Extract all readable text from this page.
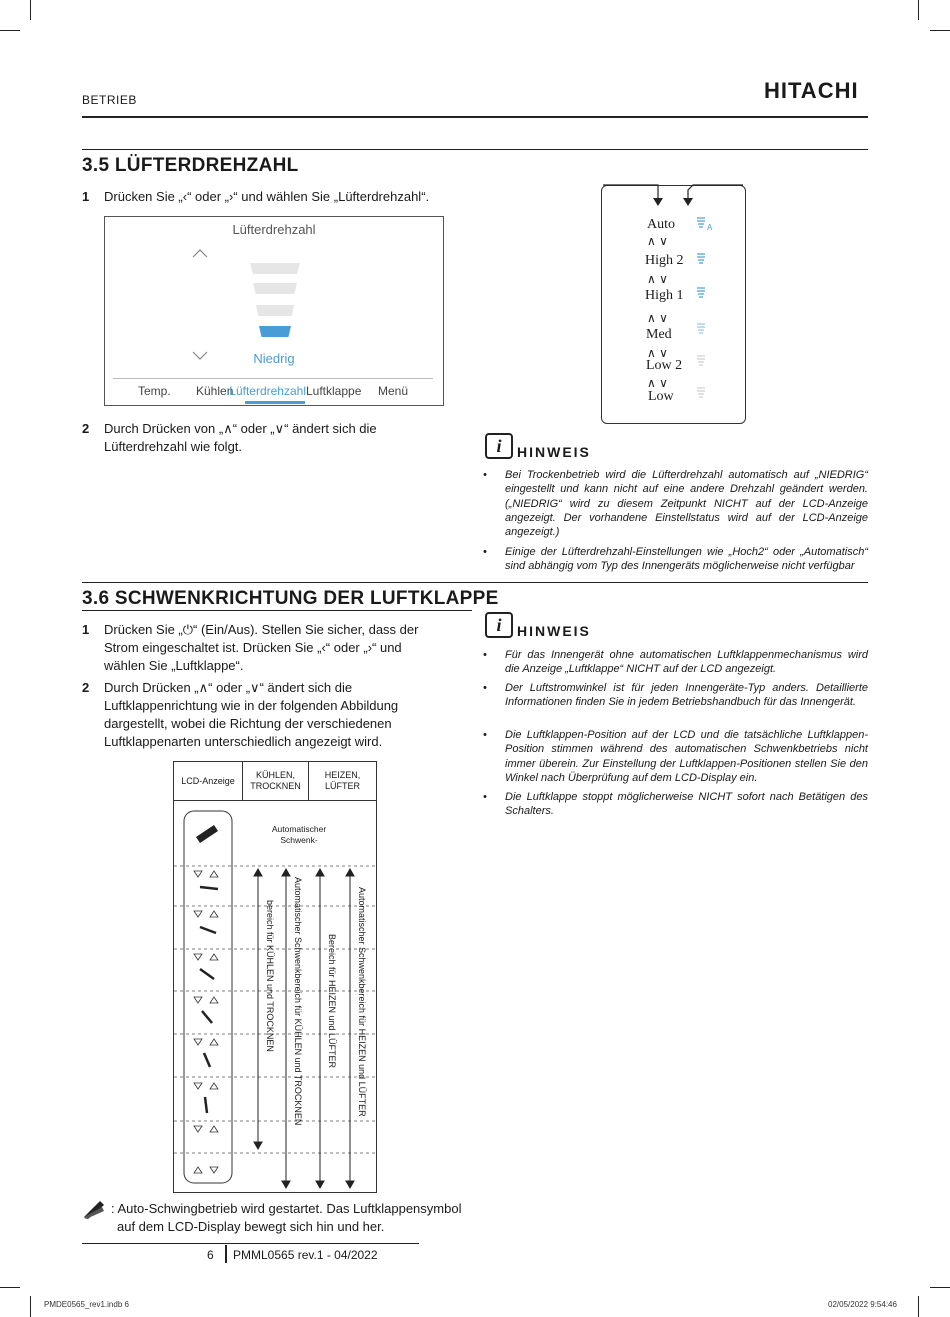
BETRIEB	HITACHI
3.5 LÜFTERDREHZAHL
1 Drücken Sie „‹“ oder „›“ und wählen Sie „Lüfterdrehzahl“.
Lüfterdrehzahl
Niedrig
Temp. Kühlen
Lüfterdrehzahl Luftklappe Menü
2 Durch Drücken von „∧“ oder „∨“ ändert sich die
Lüfterdrehzahl wie folgt.
Auto
High 2
High 1
Med
Low 2
Low
∧ ∨
∧ ∨
∧ ∨
∧ ∨
∧ ∨
A
i	HINWEIS
• Bei Trockenbetrieb wird die Lüfterdrehzahl automatisch auf „NIEDRIG“ eingestellt und kann nicht auf eine andere Drehzahl geändert werden. („NIEDRIG“ wird zu diesem Zeitpunkt NICHT auf der LCD-Anzeige angezeigt. Der vorhandene Einstellstatus wird auf der LCD-Anzeige angezeigt.)
• Einige der Lüfterdrehzahl-Einstellungen wie „Hoch2“ oder „Automatisch“ sind abhängig vom Typ des Innengeräts möglicherweise nicht verfügbar
3.6 SCHWENKRICHTUNG DER LUFTKLAPPE
1 Drücken Sie „⏻“ (Ein/Aus). Stellen Sie sicher, dass der
Strom eingeschaltet ist. Drücken Sie „‹“ oder „›“ und
wählen Sie „Luftklappe“.
2 Durch Drücken „∧“ oder „∨“ ändert sich die
Luftklappenrichtung wie in der folgenden Abbildung
dargestellt, wobei die Richtung der verschiedenen
Luftklappenarten unterschiedlich angezeigt wird.
LCD-Anzeige
KÜHLEN, TROCKNEN
HEIZEN, LÜFTER
Automatischer Schwenk-
bereich für KÜHLEN und TROCKNEN Automatischer Schwenkbereich für KÜHLEN und TROCKNEN	Bereich für HEIZEN und LÜFTER Automatischer Schwenkbereich für HEIZEN und LÜFTER
: Auto-Schwingbetrieb wird gestartet. Das Luftklappensymbol
auf dem LCD-Display bewegt sich hin und her.
i	HINWEIS
• Für das Innengerät ohne automatischen Luftklappenmechanismus wird die Anzeige „Luftklappe“ NICHT auf der LCD angezeigt.
• Der Luftstromwinkel ist für jeden Innengeräte-Typ anders. Detaillierte Informationen finden Sie in jedem Betriebshandbuch für das Innengerät.
• Die Luftklappen-Position auf der LCD und die tatsächliche Luftklappen-Position stimmen während des automatischen Schwenkbetriebs nicht immer überein. Zur Einstellung der Luftklappen-Positionen stellen Sie den Winkel nach Überprüfung auf dem LCD-Display ein.
• Die Luftklappe stoppt möglicherweise NICHT sofort nach Betätigen des Schalters.
6 PMML0565 rev.1 - 04/2022
PMDE0565_rev1.indb 6	02/05/2022 9:54:46
